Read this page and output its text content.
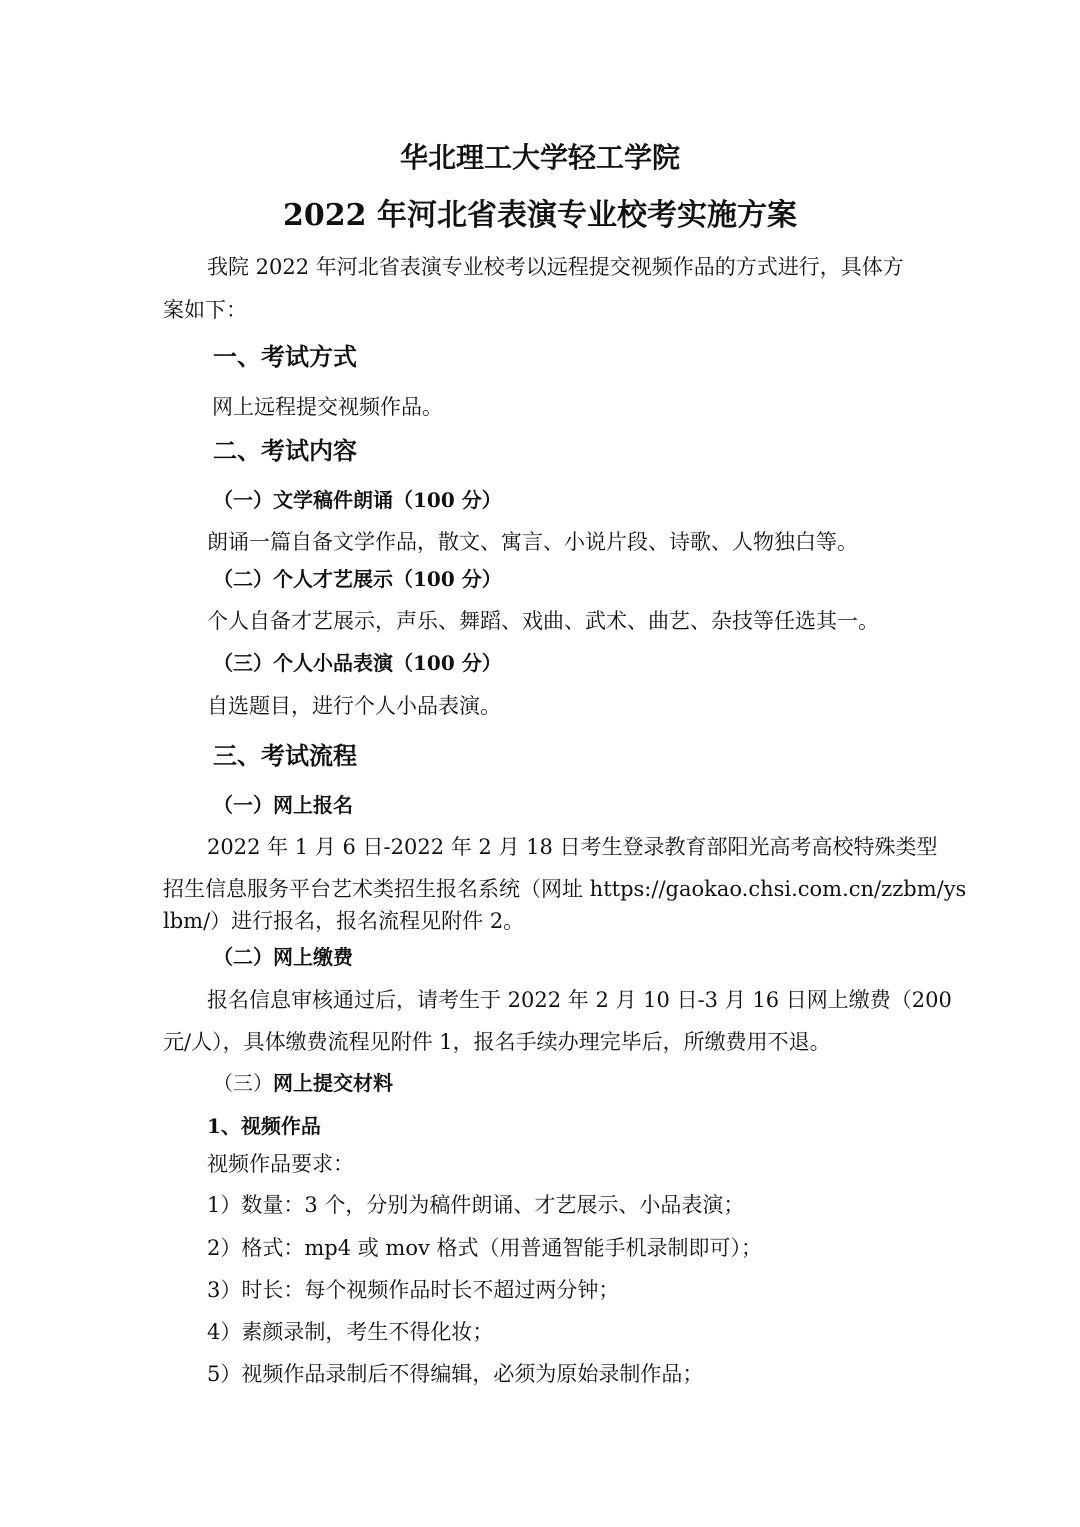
华北理工大学轻工学院
2022 年河北省表演专业校考实施方案
我院 2022 年河北省表演专业校考以远程提交视频作品的方式进行，具体方
案如下：
一、考试方式
网上远程提交视频作品。
二、考试内容
（一）文学稿件朗诵（100 分）
朗诵一篇自备文学作品，散文、寓言、小说片段、诗歌、人物独白等。
（二）个人才艺展示（100 分）
个人自备才艺展示，声乐、舞蹈、戏曲、武术、曲艺、杂技等任选其一。
（三）个人小品表演（100 分）
自选题目，进行个人小品表演。
三、考试流程
（一）网上报名
2022 年 1 月 6 日-2022 年 2 月 18 日考生登录教育部阳光高考高校特殊类型
招生信息服务平台艺术类招生报名系统（网址 https://gaokao.chsi.com.cn/zzbm/ys
lbm/）进行报名，报名流程见附件 2。
（二）网上缴费
报名信息审核通过后，请考生于 2022 年 2 月 10 日-3 月 16 日网上缴费（200
元/人），具体缴费流程见附件 1，报名手续办理完毕后，所缴费用不退。
（三）网上提交材料
1、视频作品
视频作品要求：
1）数量：3 个，分别为稿件朗诵、才艺展示、小品表演；
2）格式：mp4 或 mov 格式（用普通智能手机录制即可）；
3）时长：每个视频作品时长不超过两分钟；
4）素颜录制，考生不得化妆；
5）视频作品录制后不得编辑，必须为原始录制作品；
